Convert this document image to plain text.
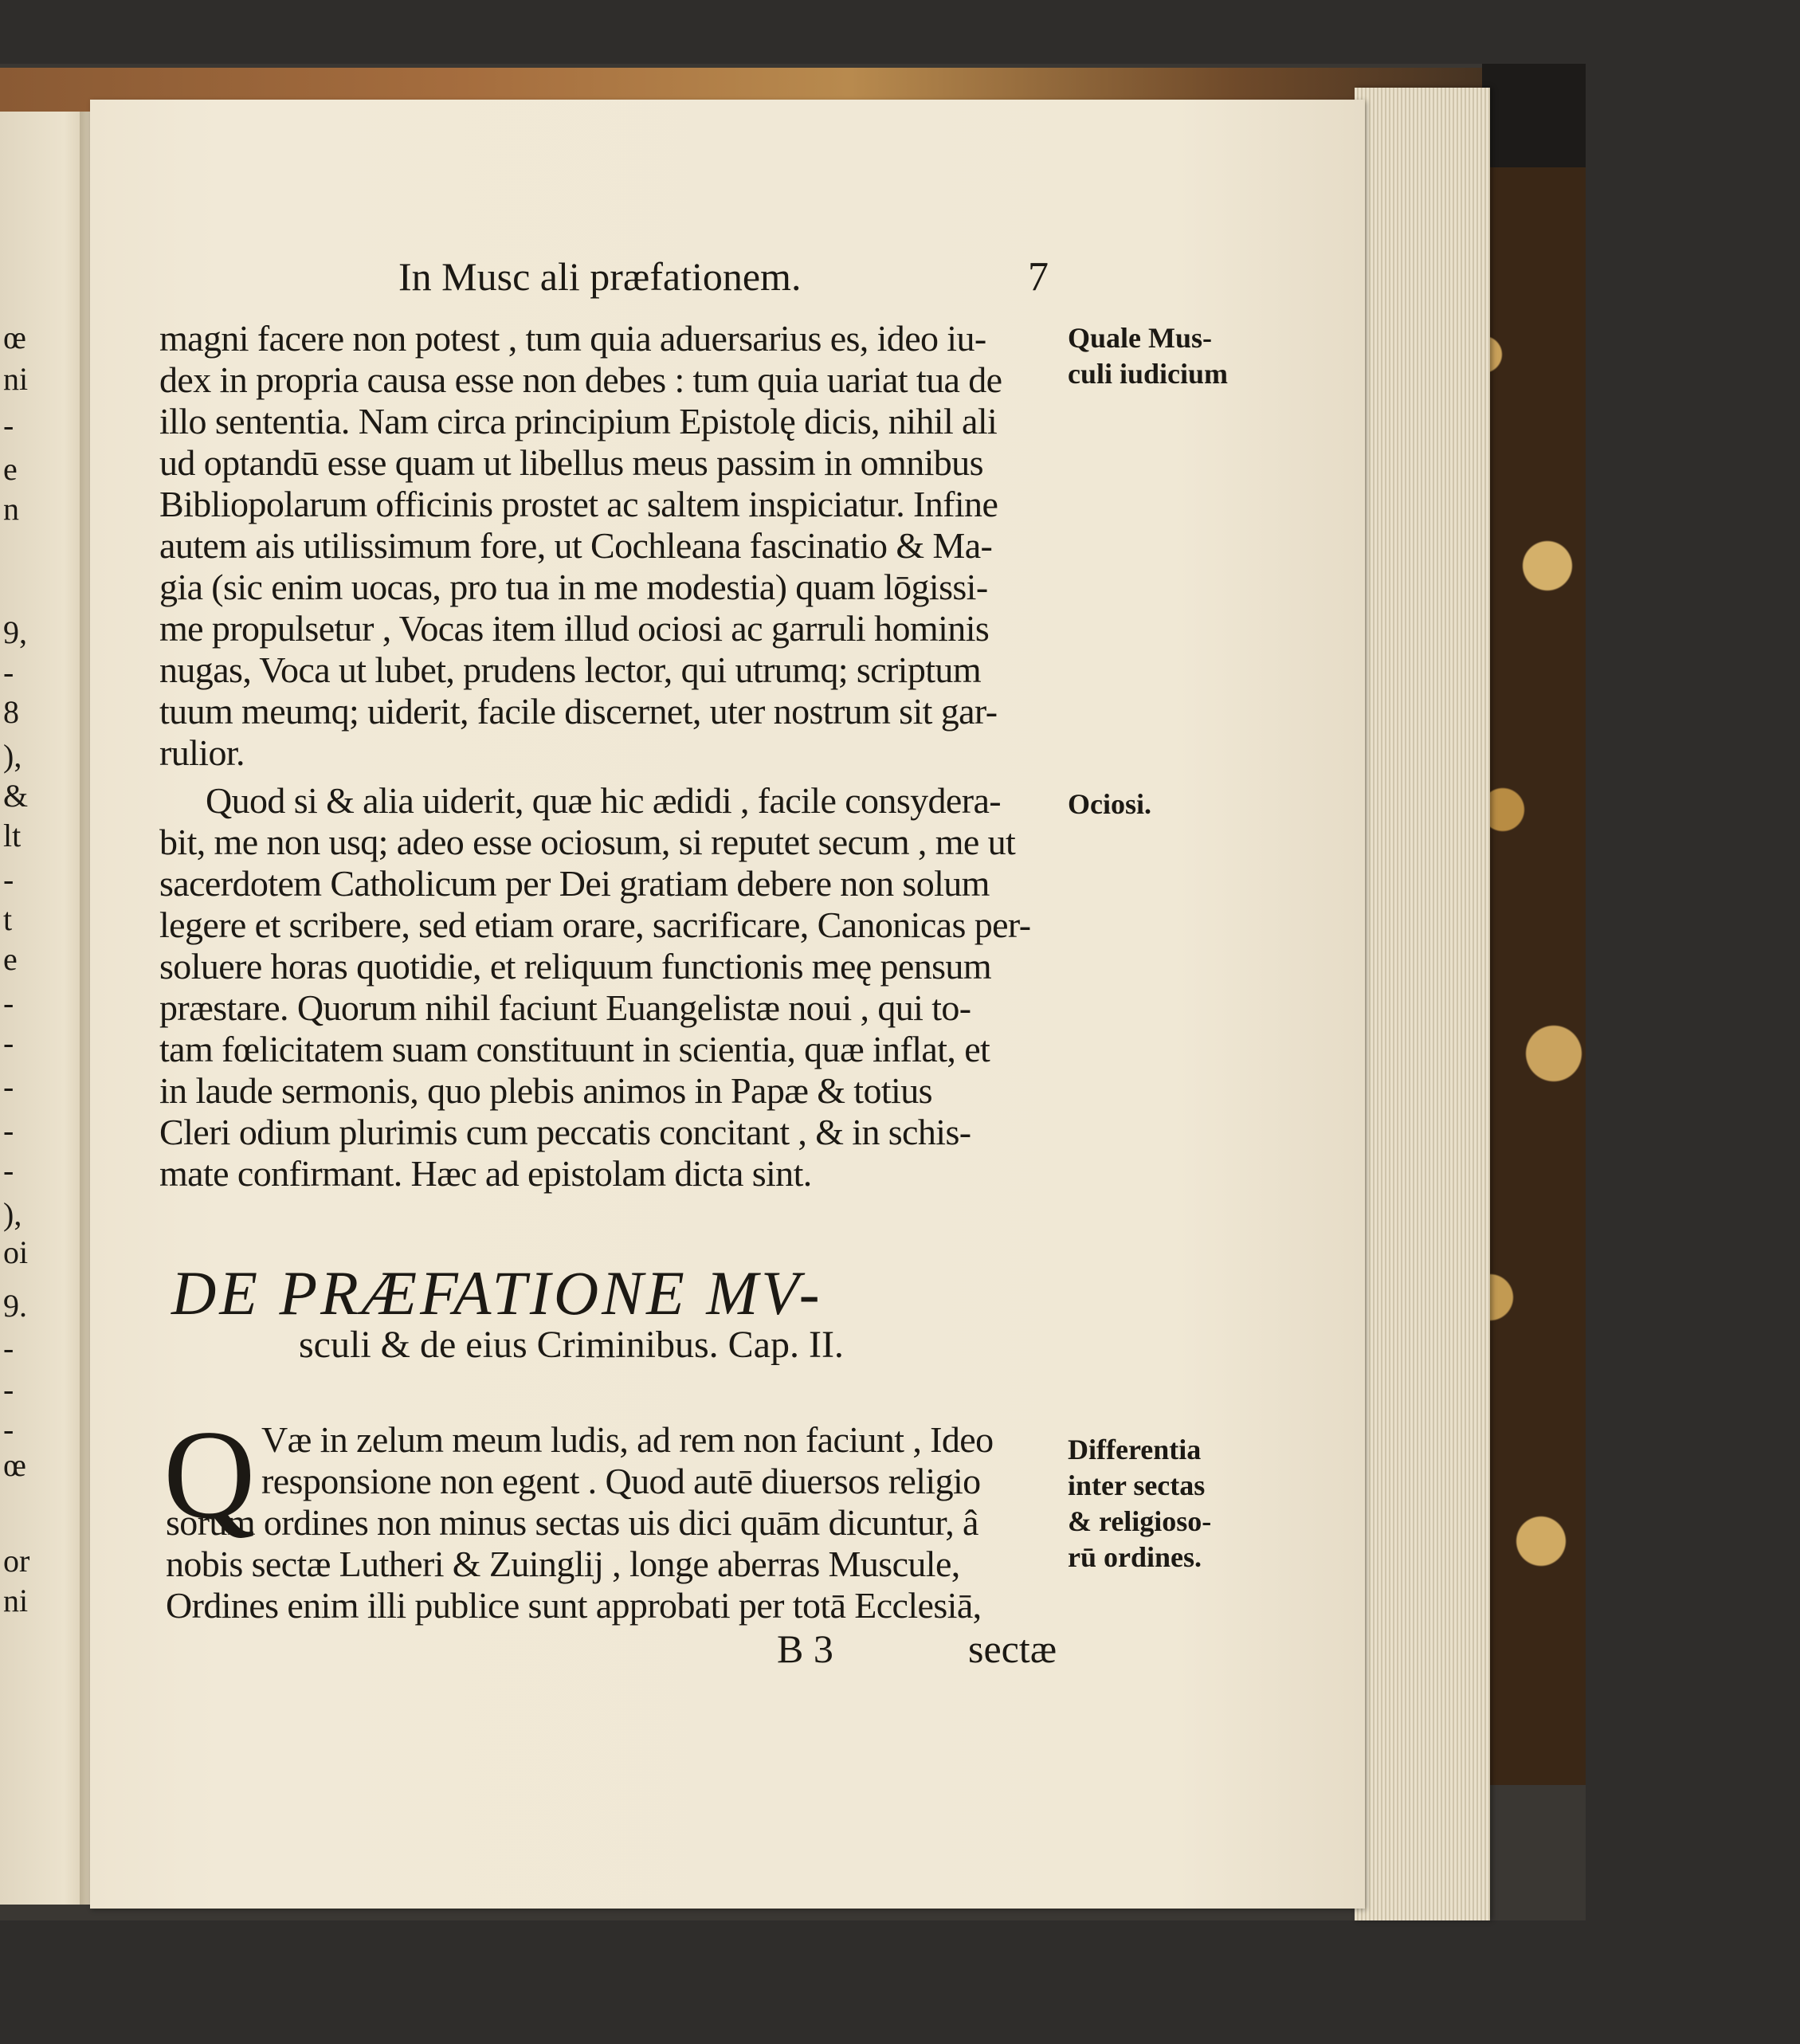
œ
ni
-
e
n
9,
-
8
),
&
lt
-
t
e
-
-
-
-
-
),
oi
9.
-
-
-
œ
or
ni
In Musc ali præfationem.	7
magni facere non potest , tum quia aduersarius es, ideo iu-
dex in propria causa esse non debes : tum quia uariat tua de
illo sententia. Nam circa principium Epistolę dicis, nihil ali
ud optandū esse quam ut libellus meus passim in omnibus
Bibliopolarum officinis prostet ac saltem inspiciatur. Infine
autem ais utilissimum fore, ut Cochleana fascinatio & Ma-
gia (sic enim uocas, pro tua in me modestia) quam lōgissi-
me propulsetur , Vocas item illud ociosi ac garruli hominis
nugas, Voca ut lubet, prudens lector, qui utrumq; scriptum
tuum meumq; uiderit, facile discernet, uter nostrum sit gar-
rulior.
Quod si & alia uiderit, quæ hic ædidi , facile consydera-
bit, me non usq; adeo esse ociosum, si reputet secum , me ut
sacerdotem Catholicum per Dei gratiam debere non solum
legere et scribere, sed etiam orare, sacrificare, Canonicas per-
soluere horas quotidie, et reliquum functionis meę pensum
præstare. Quorum nihil faciunt Euangelistæ noui , qui to-
tam fœlicitatem suam constituunt in scientia, quæ inflat, et
in laude sermonis, quo plebis animos in Papæ & totius
Cleri odium plurimis cum peccatis concitant , & in schis-
mate confirmant. Hæc ad epistolam dicta sint.
DE PRÆFATIONE MV-
sculi & de eius Criminibus. Cap. II.
Q Væ in zelum meum ludis, ad rem non faciunt , Ideo
responsione non egent . Quod autē diuersos religio
sorum ordines non minus sectas uis dici quām dicuntur, â
nobis sectæ Lutheri & Zuinglij , longe aberras Muscule,
Ordines enim illi publice sunt approbati per totā Ecclesiā,
B 3	sectæ
Quale Mus-
culi iudicium
Ociosi.
Differentia
inter sectas
& religioso-
rū ordines.
